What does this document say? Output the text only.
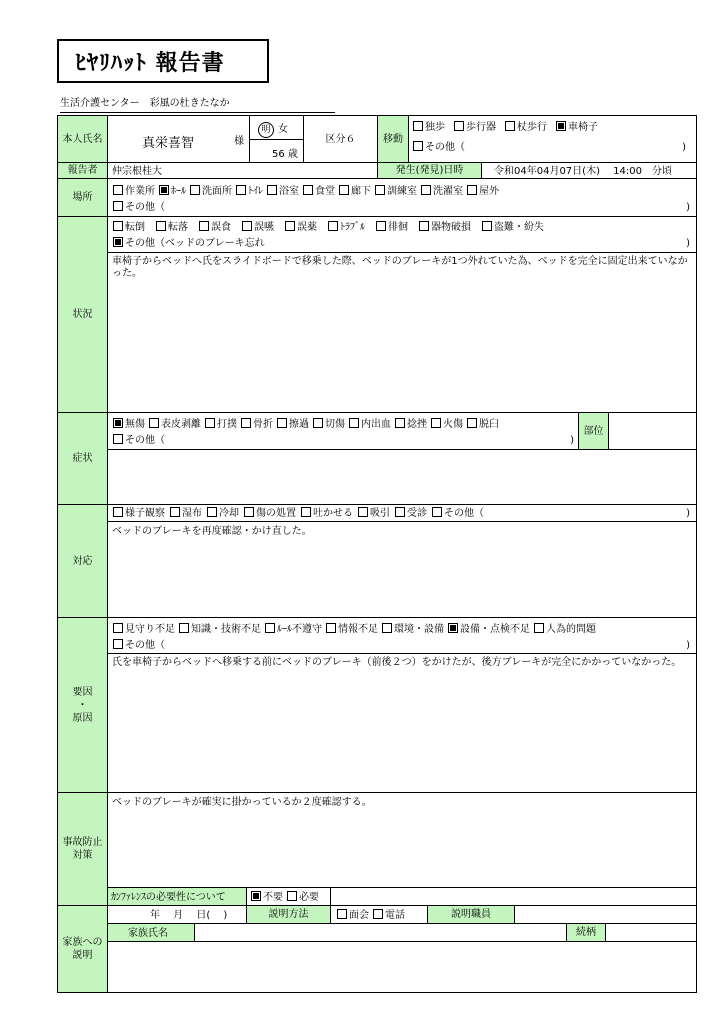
ﾋﾔﾘﾊｯﾄ 報告書
生活介護センター　彩風の杜きたなか
本人氏名	真栄喜智	様
明 女
56 歳
区分６	移動
独歩 歩行器 杖歩行 車椅子
その他（	)
報告者	仲宗根桂大	発生(発見)日時	令和04年04月07日(木)　 14:00　分頃
場所
作業所 ﾎｰﾙ 洗面所 ﾄｲﾚ 浴室 食堂 廊下 訓練室 洗濯室 屋外
その他（	)
状況
転倒 転落 誤食 誤嚥 誤薬 ﾄﾗﾌﾞﾙ 徘徊 器物破損 盗難・紛失
その他（ベッドのブレーキ忘れ	)
車椅子からベッドへ氏をスライドボードで移乗した際、ベッドのブレーキが1つ外れていた為、ベッドを完全に固定出来ていなかった。
症状
無傷 表皮剥離 打撲 骨折 擦過 切傷 内出血 捻挫 火傷 脱臼
その他（	)
部位
対応
様子観察 湿布 冷却 傷の処置 吐かせる 吸引 受診 その他（	)
ベッドのブレーキを再度確認・かけ直した。
要因
・
原因
見守り不足 知識・技術不足 ﾙｰﾙ不遵守 情報不足 環境・設備 設備・点検不足 人為的問題
その他（	)
氏を車椅子からベッドへ移乗する前にベッドのブレーキ（前後２つ）をかけたが、後方ブレーキが完全にかかっていなかった。
事故防止
対策
ベッドのブレーキが確実に掛かっているか２度確認する。
ｶﾝﾌｧﾚﾝｽの必要性について	不要 必要
家族への
説明
年　 月　 日(　 )	説明方法	面会 電話	説明職員
家族氏名	続柄
